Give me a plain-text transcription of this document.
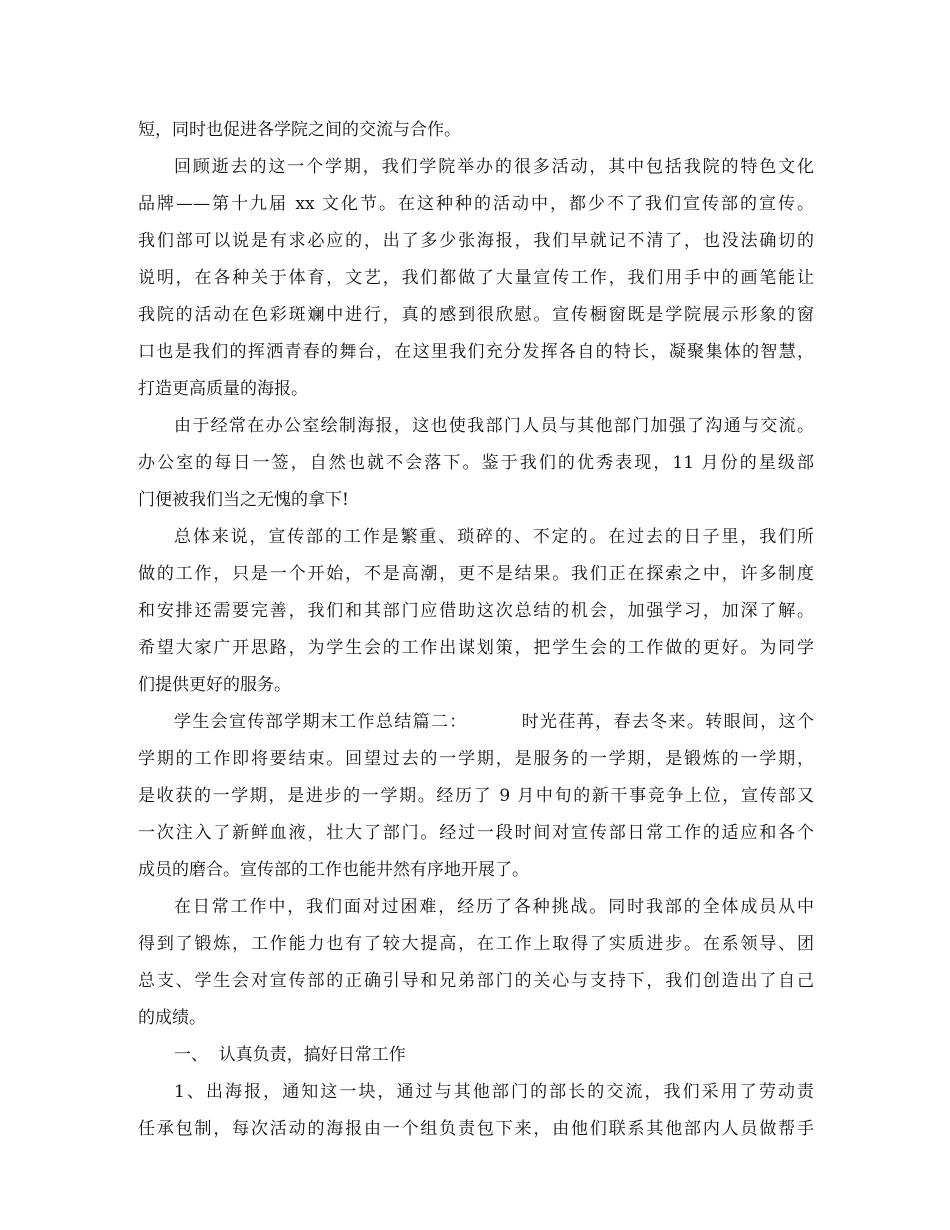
短，同时也促进各学院之间的交流与合作。
回顾逝去的这一个学期，我们学院举办的很多活动，其中包括我院的特色文化
品牌——第十九届 xx 文化节。在这种种的活动中，都少不了我们宣传部的宣传。
我们部可以说是有求必应的，出了多少张海报，我们早就记不清了，也没法确切的
说明，在各种关于体育，文艺，我们都做了大量宣传工作，我们用手中的画笔能让
我院的活动在色彩斑斓中进行，真的感到很欣慰。宣传橱窗既是学院展示形象的窗
口也是我们的挥洒青春的舞台，在这里我们充分发挥各自的特长，凝聚集体的智慧，
打造更高质量的海报。
由于经常在办公室绘制海报，这也使我部门人员与其他部门加强了沟通与交流。
办公室的每日一签，自然也就不会落下。鉴于我们的优秀表现，11 月份的星级部
门便被我们当之无愧的拿下!
总体来说，宣传部的工作是繁重、琐碎的、不定的。在过去的日子里，我们所
做的工作，只是一个开始，不是高潮，更不是结果。我们正在探索之中，许多制度
和安排还需要完善，我们和其部门应借助这次总结的机会，加强学习，加深了解。
希望大家广开思路，为学生会的工作出谋划策，把学生会的工作做的更好。为同学
们提供更好的服务。
学生会宣传部学期末工作总结篇二：        时光荏苒，春去冬来。转眼间，这个
学期的工作即将要结束。回望过去的一学期，是服务的一学期，是锻炼的一学期，
是收获的一学期，是进步的一学期。经历了 9 月中旬的新干事竞争上位，宣传部又
一次注入了新鲜血液，壮大了部门。经过一段时间对宣传部日常工作的适应和各个
成员的磨合。宣传部的工作也能井然有序地开展了。
在日常工作中，我们面对过困难，经历了各种挑战。同时我部的全体成员从中
得到了锻炼，工作能力也有了较大提高，在工作上取得了实质进步。在系领导、团
总支、学生会对宣传部的正确引导和兄弟部门的关心与支持下，我们创造出了自己
的成绩。
一、  认真负责，搞好日常工作
1、出海报，通知这一块，通过与其他部门的部长的交流，我们采用了劳动责
任承包制，每次活动的海报由一个组负责包下来，由他们联系其他部内人员做帮手
